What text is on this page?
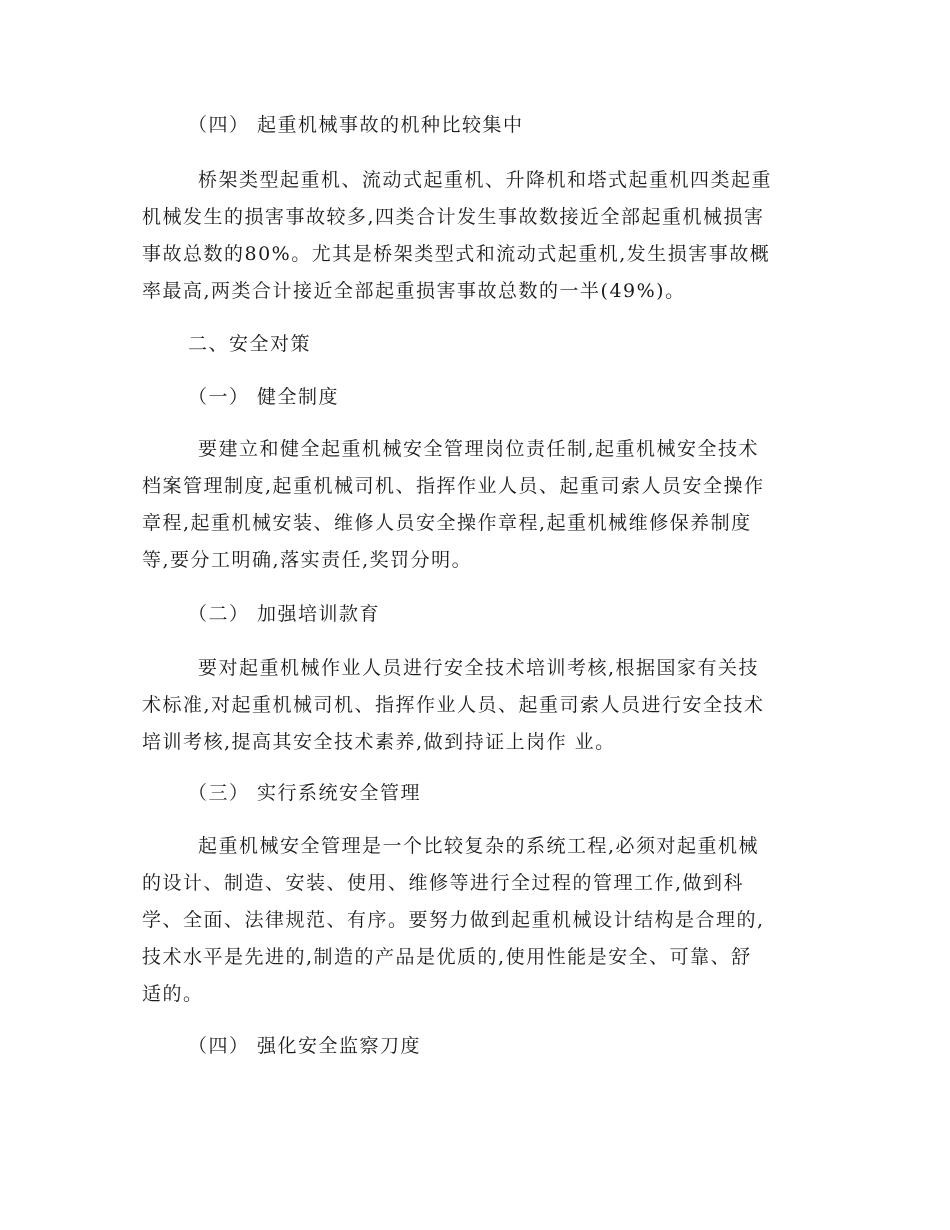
（四） 起重机械事故的机种比较集中
桥架类型起重机、流动式起重机、升降机和塔式起重机四类起重
机械发生的损害事故较多,四类合计发生事故数接近全部起重机械损害
事故总数的80%。尤其是桥架类型式和流动式起重机,发生损害事故概
率最高,两类合计接近全部起重损害事故总数的一半(49%)。
二、安全对策
（一） 健全制度
要建立和健全起重机械安全管理岗位责任制,起重机械安全技术
档案管理制度,起重机械司机、指挥作业人员、起重司索人员安全操作
章程,起重机械安装、维修人员安全操作章程,起重机械维修保养制度
等,要分工明确,落实责任,奖罚分明。
（二） 加强培训款育
要对起重机械作业人员进行安全技术培训考核,根据国家有关技
术标准,对起重机械司机、指挥作业人员、起重司索人员进行安全技术
培训考核,提高其安全技术素养,做到持证上岗作 业。
（三） 实行系统安全管理
起重机械安全管理是一个比较复杂的系统工程,必须对起重机械
的设计、制造、安装、使用、维修等进行全过程的管理工作,做到科
学、全面、法律规范、有序。要努力做到起重机械设计结构是合理的,
技术水平是先进的,制造的产品是优质的,使用性能是安全、可靠、舒
适的。
（四） 强化安全监察刀度
